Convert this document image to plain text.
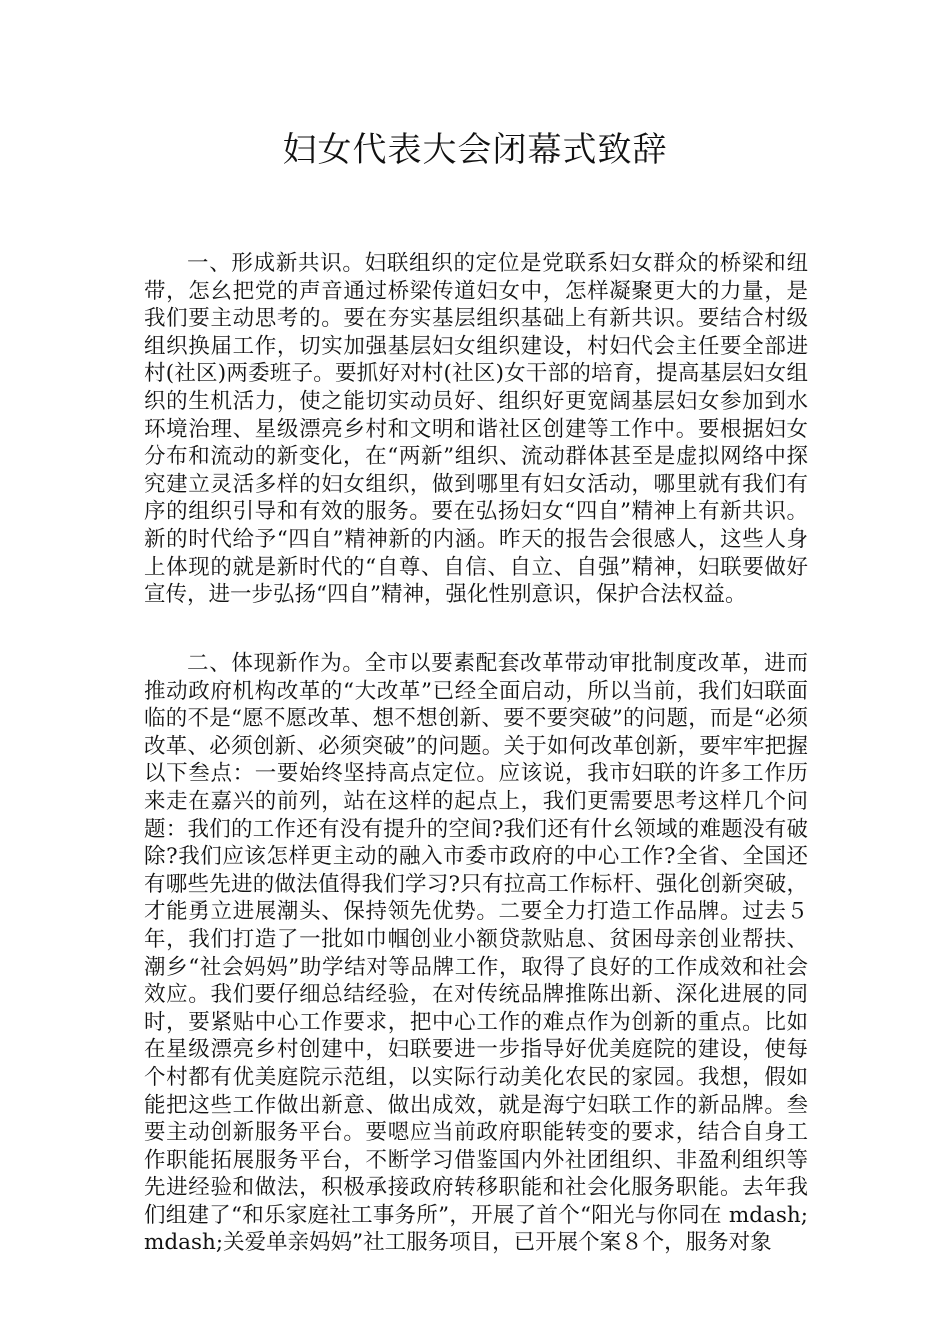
妇女代表大会闭幕式致辞

一、形成新共识。妇联组织的定位是党联系妇女群众的桥梁和纽带，怎幺把党的声音通过桥梁传道妇女中，怎样凝聚更大的力量，是我们要主动思考的。要在夯实基层组织基础上有新共识。要结合村级组织换届工作，切实加强基层妇女组织建设，村妇代会主任要全部进村(社区)两委班子。要抓好对村(社区)女干部的培育，提高基层妇女组织的生机活力，使之能切实动员好、组织好更宽阔基层妇女参加到水环境治理、星级漂亮乡村和文明和谐社区创建等工作中。要根据妇女分布和流动的新变化，在“两新”组织、流动群体甚至是虚拟网络中探究建立灵活多样的妇女组织，做到哪里有妇女活动，哪里就有我们有序的组织引导和有效的服务。要在弘扬妇女“四自”精神上有新共识。新的时代给予“四自”精神新的内涵。昨天的报告会很感人，这些人身上体现的就是新时代的“自尊、自信、自立、自强”精神，妇联要做好宣传，进一步弘扬“四自”精神，强化性别意识，保护合法权益。

二、体现新作为。全市以要素配套改革带动审批制度改革，进而推动政府机构改革的“大改革”已经全面启动，所以当前，我们妇联面临的不是“愿不愿改革、想不想创新、要不要突破”的问题，而是“必须改革、必须创新、必须突破”的问题。关于如何改革创新，要牢牢把握以下叁点：一要始终坚持高点定位。应该说，我市妇联的许多工作历来走在嘉兴的前列，站在这样的起点上，我们更需要思考这样几个问题：我们的工作还有没有提升的空间?我们还有什幺领域的难题没有破除?我们应该怎样更主动的融入市委市政府的中心工作?全省、全国还有哪些先进的做法值得我们学习?只有拉高工作标杆、强化创新突破，才能勇立进展潮头、保持领先优势。二要全力打造工作品牌。过去５年，我们打造了一批如巾帼创业小额贷款贴息、贫困母亲创业帮扶、潮乡“社会妈妈”助学结对等品牌工作，取得了良好的工作成效和社会效应。我们要仔细总结经验，在对传统品牌推陈出新、深化进展的同时，要紧贴中心工作要求，把中心工作的难点作为创新的重点。比如在星级漂亮乡村创建中，妇联要进一步指导好优美庭院的建设，使每个村都有优美庭院示范组，以实际行动美化农民的家园。我想，假如能把这些工作做出新意、做出成效，就是海宁妇联工作的新品牌。叁要主动创新服务平台。要嗯应当前政府职能转变的要求，结合自身工作职能拓展服务平台，不断学习借鉴国内外社团组织、非盈利组织等先进经验和做法，积极承接政府转移职能和社会化服务职能。去年我们组建了“和乐家庭社工事务所”，开展了首个“阳光与你同在 mdash; mdash;关爱单亲妈妈”社工服务项目，已开展个案８个，服务对象
